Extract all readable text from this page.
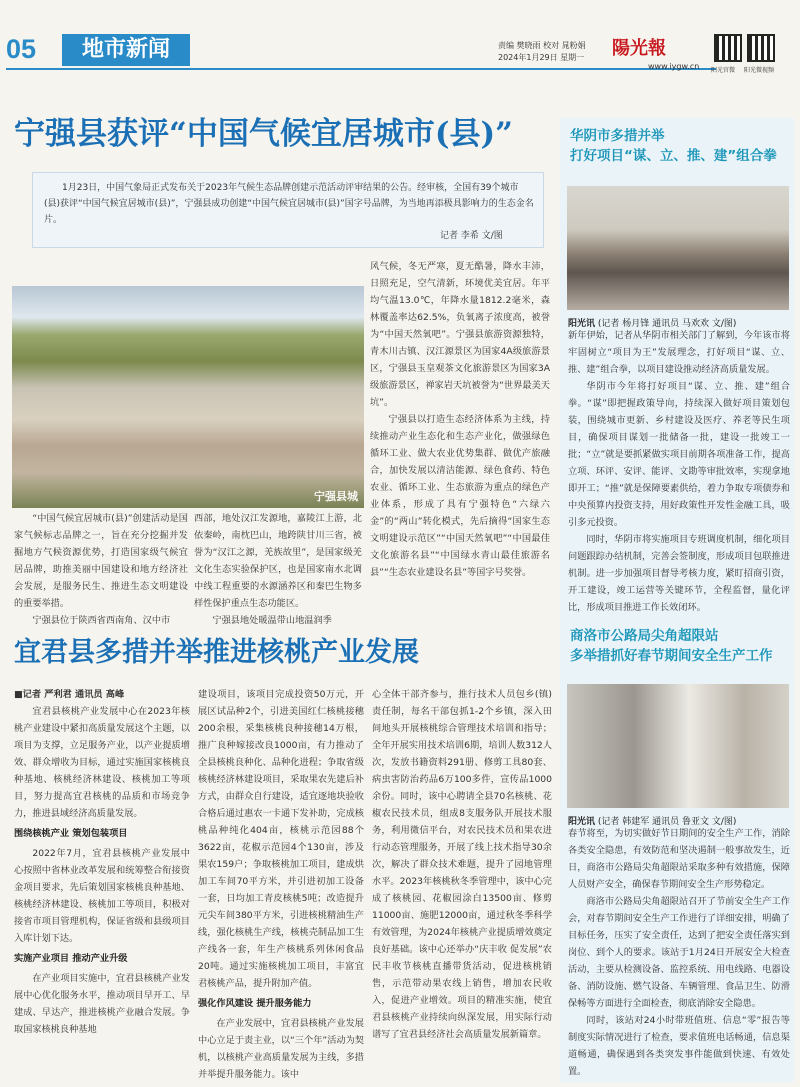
05	地市新闻	责编 樊晓雨 校对 晁粉娟
2024年1月29日 星期一 陽光報
www.iygw.cn 阳光官微 阳光微视频
宁强县获评“中国气候宜居城市(县)”
1月23日，中国气象局正式发布关于2023年气候生态品牌创建示范活动评审结果的公告。经审核，全国有39个城市(县)获评“中国气候宜居城市(县)”，宁强县成功创建“中国气候宜居城市(县)”国字号品牌，为当地再添极具影响力的生态金名片。
记者 李希 文/图
宁强县城

“中国气候宜居城市(县)”创建活动是国家气候标志品牌之一，旨在充分挖掘并发掘地方气候资源优势，打造国家级气候宜居品牌，助推美丽中国建设和地方经济社会发展，是服务民生、推进生态文明建设的重要举措。

宁强县位于陕西省西南角、汉中市

西部，地处汉江发源地，嘉陵江上游，北依秦岭，南枕巴山，地跨陕甘川三省，被誉为“汉江之源，羌族故里”，是国家级羌文化生态实验保护区，也是国家南水北调中线工程重要的水源涵养区和秦巴生物多样性保护重点生态功能区。

宁强县地处暖温带山地温润季

风气候，冬无严寒，夏无酷暑，降水丰沛，日照充足，空气清新，环境优美宜居。年平均气温13.0℃，年降水量1812.2毫米，森林覆盖率达62.5%，负氧离子浓度高，被誉为“中国天然氧吧”。宁强县旅游资源独特，青木川古镇、汉江源景区为国家4A级旅游景区，宁强县玉皇观茶文化旅游景区为国家3A级旅游景区，禅家岩天坑被誉为“世界最美天坑”。

宁强县以打造生态经济体系为主线，持续推动产业生态化和生态产业化，做强绿色循环工业、做大农业优势集群、做优产旅融合，加快发展以清洁能源、绿色食药、特色农业、循环工业、生态旅游为重点的绿色产业体系，形成了具有宁强特色“六绿六金”的“两山”转化模式，先后摘得“国家生态文明建设示范区”“中国天然氧吧”“中国最佳文化旅游名县”“中国绿水青山最佳旅游名县”“生态农业建设名县”等国字号奖誉。

宜君县多措并举推进核桃产业发展

■记者 严利君 通讯员 高峰

宜君县核桃产业发展中心在2023年核桃产业建设中紧扣高质量发展这个主题，以项目为支撑，立足服务产业，以产业提质增效、群众增收为目标，通过实施国家核桃良种基地、核桃经济林建设、核桃加工等项目，努力提高宜君核桃的品质和市场竞争力，推进县域经济高质量发展。

围绕核桃产业 策划包装项目

2022年7月，宜君县核桃产业发展中心按照中省林业改革发展和统筹整合衔接资金项目要求，先后策划国家核桃良种基地、核桃经济林建设、核桃加工等项目，积极对接省市项目管理机构，保证省级和县级项目入库计划下达。

实施产业项目 推动产业升级

在产业项目实施中，宜君县核桃产业发展中心优化服务水平，推动项目早开工、早建成、早达产，推进核桃产业融合发展。争取国家核桃良种基地

建设项目，该项目完成投资50万元，开展区试品种2个，引进美国红仁核桃接穗200余根，采集核桃良种接穗14万根，推广良种嫁接改良1000亩，有力推动了全县核桃良种化、品种化进程；争取省级核桃经济林建设项目，采取果农先建后补方式，由群众自行建设，适宜逐地块验收合格后通过惠农一卡通下发补助，完成核桃品种纯化404亩，核桃示范园88个3622亩，花椒示范园4个130亩，涉及果农159户；争取核桃加工项目，建成烘加工车间70平方米，并引进初加工设备一套，日均加工青皮核桃5吨；改造提升元尖车间380平方米，引进核桃精油生产线，强化核桃生产线，核桃壳制品加工生产线各一套，年生产核桃系列休闲食品20吨。通过实施核桃加工项目，丰富宜君核桃产品，提升附加产值。

强化作风建设 提升服务能力

在产业发展中，宜君县核桃产业发展中心立足于责主业，以“三个年”活动为契机，以核桃产业高质量发展为主线，多措并举提升服务能力。该中

心全体干部齐参与，推行技术人员包乡(镇)责任制，每名干部包抓1-2个乡镇，深入田间地头开展核桃综合管理技术培训和指导；全年开展实用技术培训6期，培训人数312人次，发放书籍资料291册、修剪工具80套、病虫害防治药品6万100多件，宣传品1000余份。同时，该中心聘请全县70名核桃、花椒农民技术员，组成8支服务队开展技术服务，利用微信平台，对农民技术员和果农进行动态管理服务，开展了线上技术指导30余次，解决了群众技术难题，提升了园地管理水平。2023年核桃秋冬季管理中，该中心完成了核桃园、花椒园涂白13500亩、修剪11000亩、施肥12000亩，通过秋冬季科学有效管理，为2024年核桃产业提质增效奠定良好基础。该中心还举办“庆丰收 促发展”农民丰收节核桃直播带货活动，促进核桃销售，示范带动果农线上销售，增加农民收入，促进产业增效。项目的精准实施，使宜君县核桃产业持续向纵深发展，用实际行动谱写了宜君县经济社会高质量发展新篇章。

华阴市多措并举
打好项目“谋、立、推、建”组合拳
阳光讯 (记者 杨月锋 通讯员 马欢欢 文/图)

新年伊始，记者从华阴市相关部门了解到，今年该市将牢固树立“项目为王”发展理念，打好项目“谋、立、推、建”组合拳，以项目建设推动经济高质量发展。

华阴市今年将打好项目“谋、立、推、建”组合拳。“谋”即把握政策导向，持续深入做好项目策划包装，围绕城市更新、乡村建设及医疗、养老等民生项目，确保项目谋划一批储备一批，建设一批竣工一批；“立”就是要抓紧做实项目前期各项准备工作，提高立项、环评、安评、能评、文勘等审批效率，实现拿地即开工；“推”就是保障要素供给，着力争取专项债券和中央预算内投资支持，用好政策性开发性金融工具，吸引多元投资。

同时，华阴市将实施项目专班调度机制，细化项目问题跟踪办结机制，完善会签制度，形成项目包联推进机制。进一步加强项目督导考核力度，紧盯招商引资，开工建设，竣工运营等关键环节，全程监督，量化评比，形成项目推进工作长效闭环。

商洛市公路局尖角超限站
多举措抓好春节期间安全生产工作
阳光讯 (记者 韩建军 通讯员 鲁亚文 文/图)

春节将至，为切实做好节日期间的安全生产工作，消除各类安全隐患，有效防范和坚决遏制一般事故发生，近日，商洛市公路局尖角超限站采取多种有效措施，保障人员财产安全，确保春节期间安全生产形势稳定。

商洛市公路局尖角超限站召开了节前安全生产工作会，对春节期间安全生产工作进行了详细安排，明确了目标任务，压实了安全责任，达到了把安全责任落实到岗位、到个人的要求。该站于1月24日开展安全大检查活动，主要从检测设备、监控系统、用电线路、电器设备、消防设施、燃气设备、车辆管理、食品卫生、防滑保畅等方面进行全面检查，彻底消除安全隐患。

同时，该站对24小时带班值班、信息“零”报告等制度实际情况进行了检查，要求值班电话畅通，信息渠道畅通，确保遇到各类突发事件能做到快速、有效处置。
